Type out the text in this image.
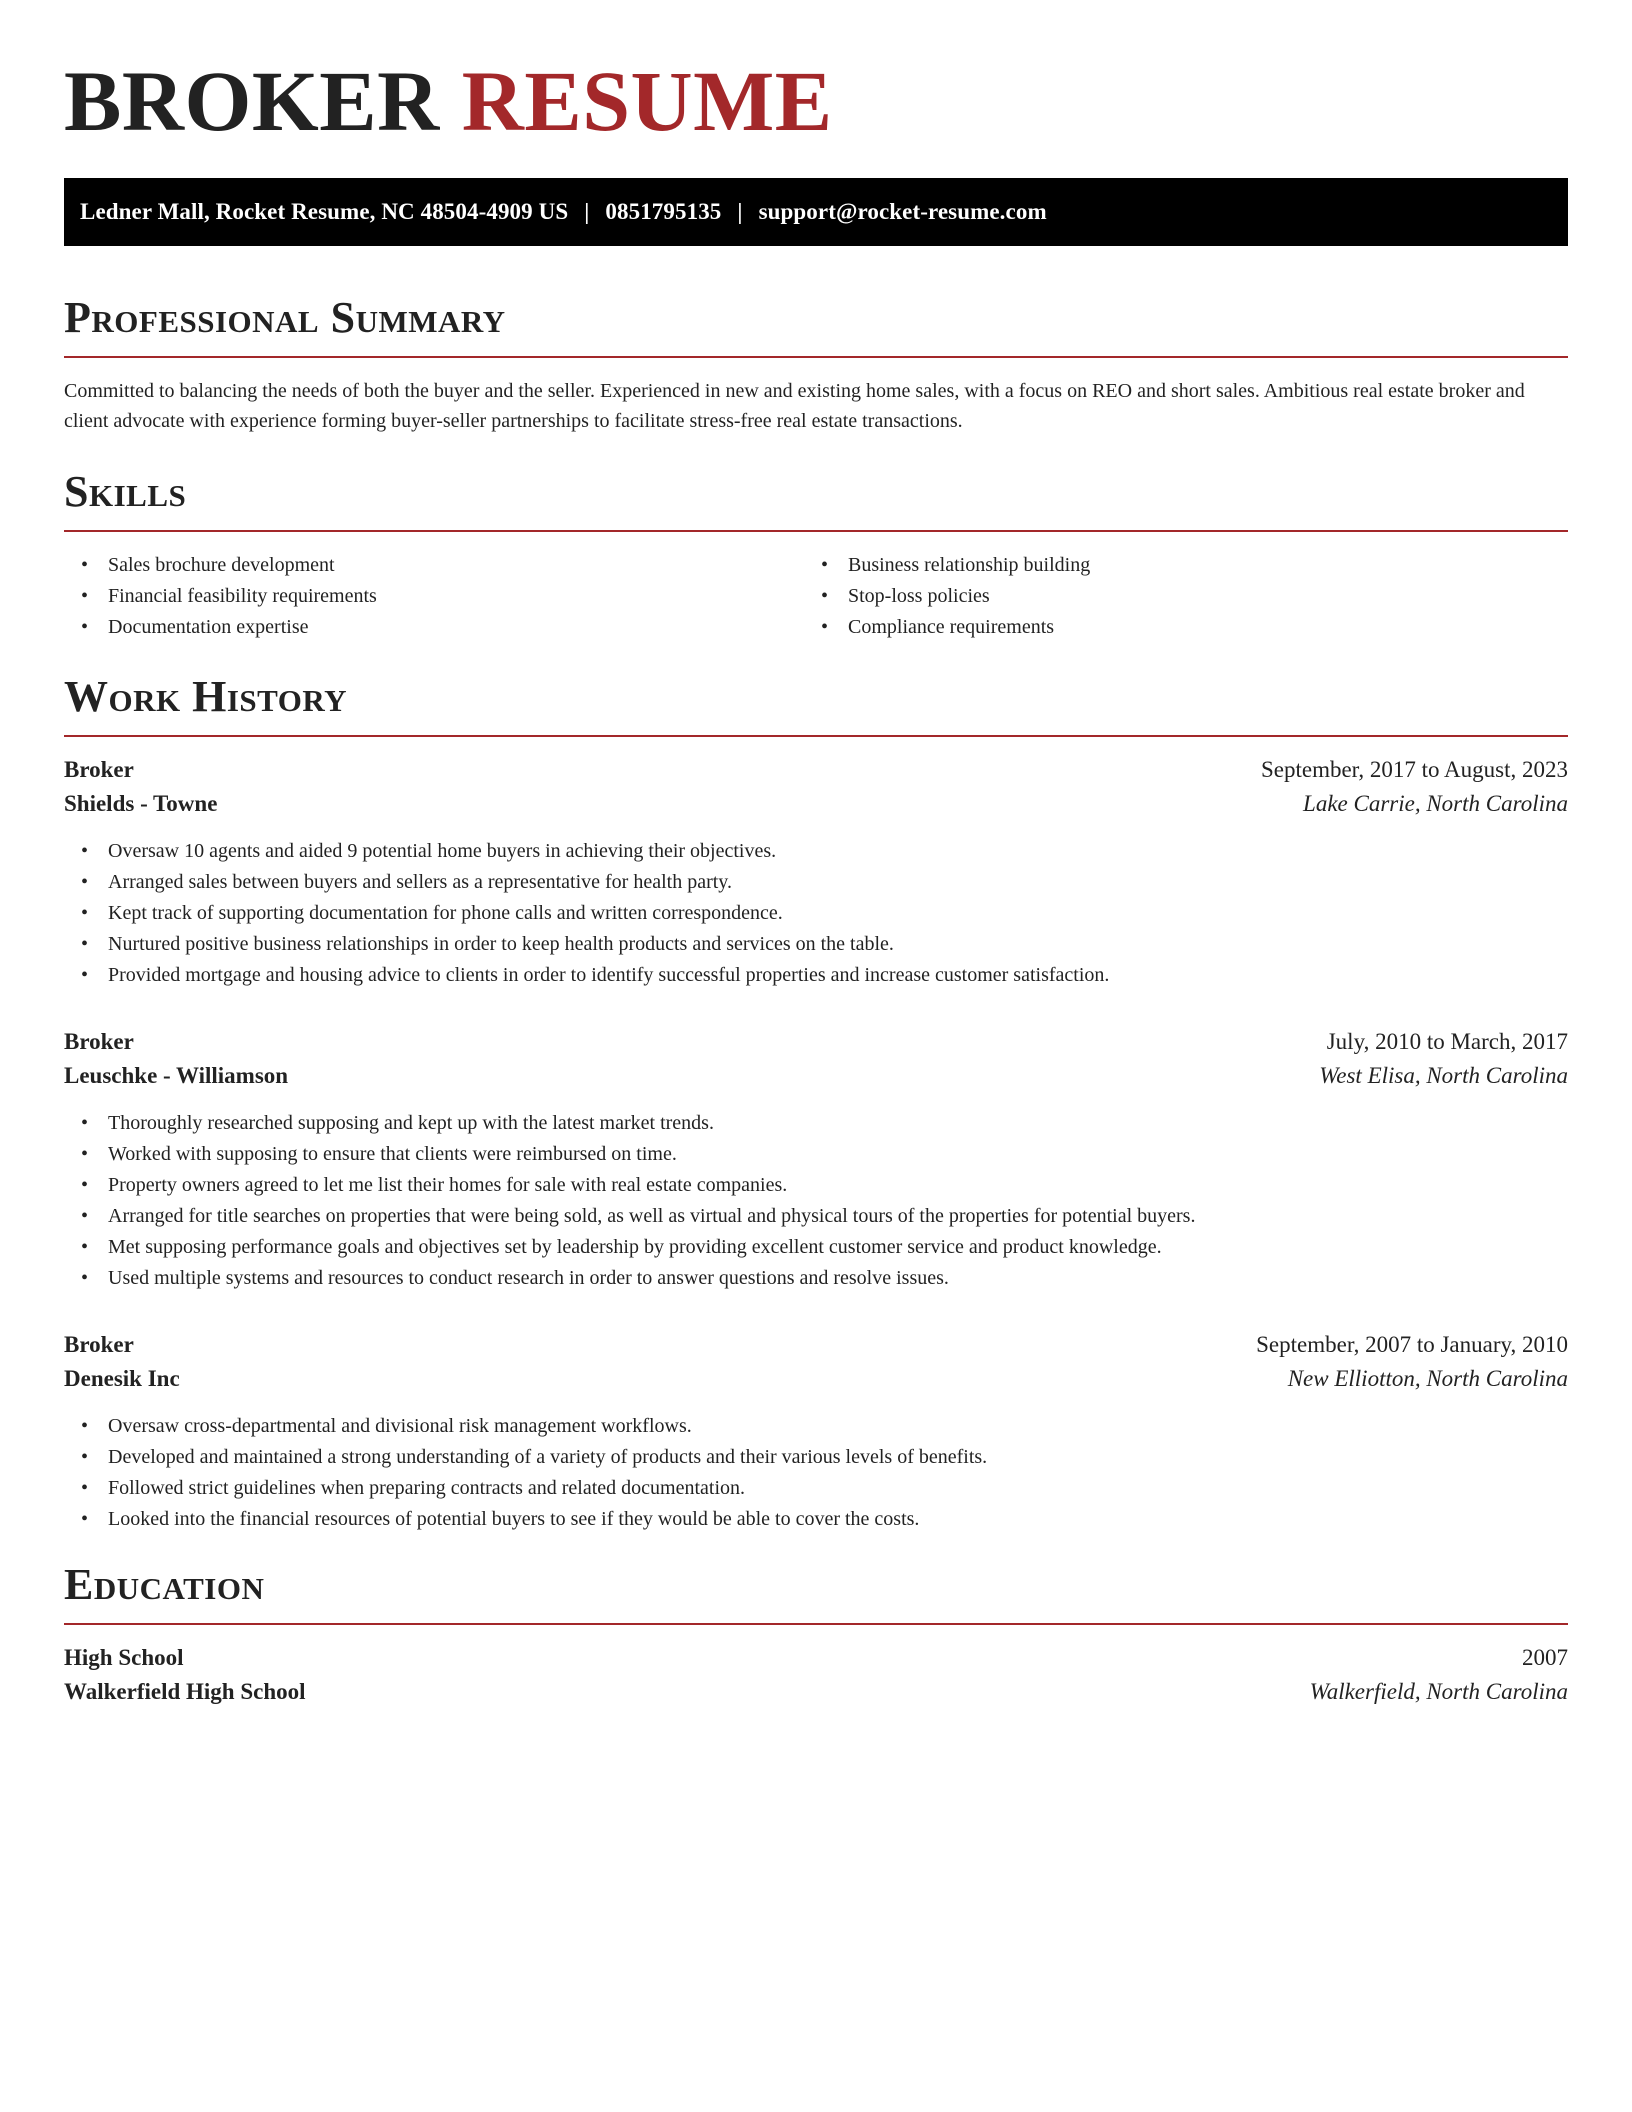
BROKER RESUME
Ledner Mall, Rocket Resume, NC 48504-4909 US | 0851795135 | support@rocket-resume.com
Professional Summary

Committed to balancing the needs of both the buyer and the seller. Experienced in new and existing home sales, with a focus on REO and short sales. Ambitious real estate broker and client advocate with experience forming buyer-seller partnerships to facilitate stress-free real estate transactions.

Skills
• Sales brochure development
• Financial feasibility requirements
• Documentation expertise
• Business relationship building
• Stop-loss policies
• Compliance requirements
Work History
Broker	September, 2017 to August, 2023
Shields - Towne	Lake Carrie, North Carolina
• Oversaw 10 agents and aided 9 potential home buyers in achieving their objectives.
• Arranged sales between buyers and sellers as a representative for health party.
• Kept track of supporting documentation for phone calls and written correspondence.
• Nurtured positive business relationships in order to keep health products and services on the table.
• Provided mortgage and housing advice to clients in order to identify successful properties and increase customer satisfaction.
Broker	July, 2010 to March, 2017
Leuschke - Williamson	West Elisa, North Carolina
• Thoroughly researched supposing and kept up with the latest market trends.
• Worked with supposing to ensure that clients were reimbursed on time.
• Property owners agreed to let me list their homes for sale with real estate companies.
• Arranged for title searches on properties that were being sold, as well as virtual and physical tours of the properties for potential buyers.
• Met supposing performance goals and objectives set by leadership by providing excellent customer service and product knowledge.
• Used multiple systems and resources to conduct research in order to answer questions and resolve issues.
Broker	September, 2007 to January, 2010
Denesik Inc	New Elliotton, North Carolina
• Oversaw cross-departmental and divisional risk management workflows.
• Developed and maintained a strong understanding of a variety of products and their various levels of benefits.
• Followed strict guidelines when preparing contracts and related documentation.
• Looked into the financial resources of potential buyers to see if they would be able to cover the costs.
Education
High School	2007
Walkerfield High School	Walkerfield, North Carolina
